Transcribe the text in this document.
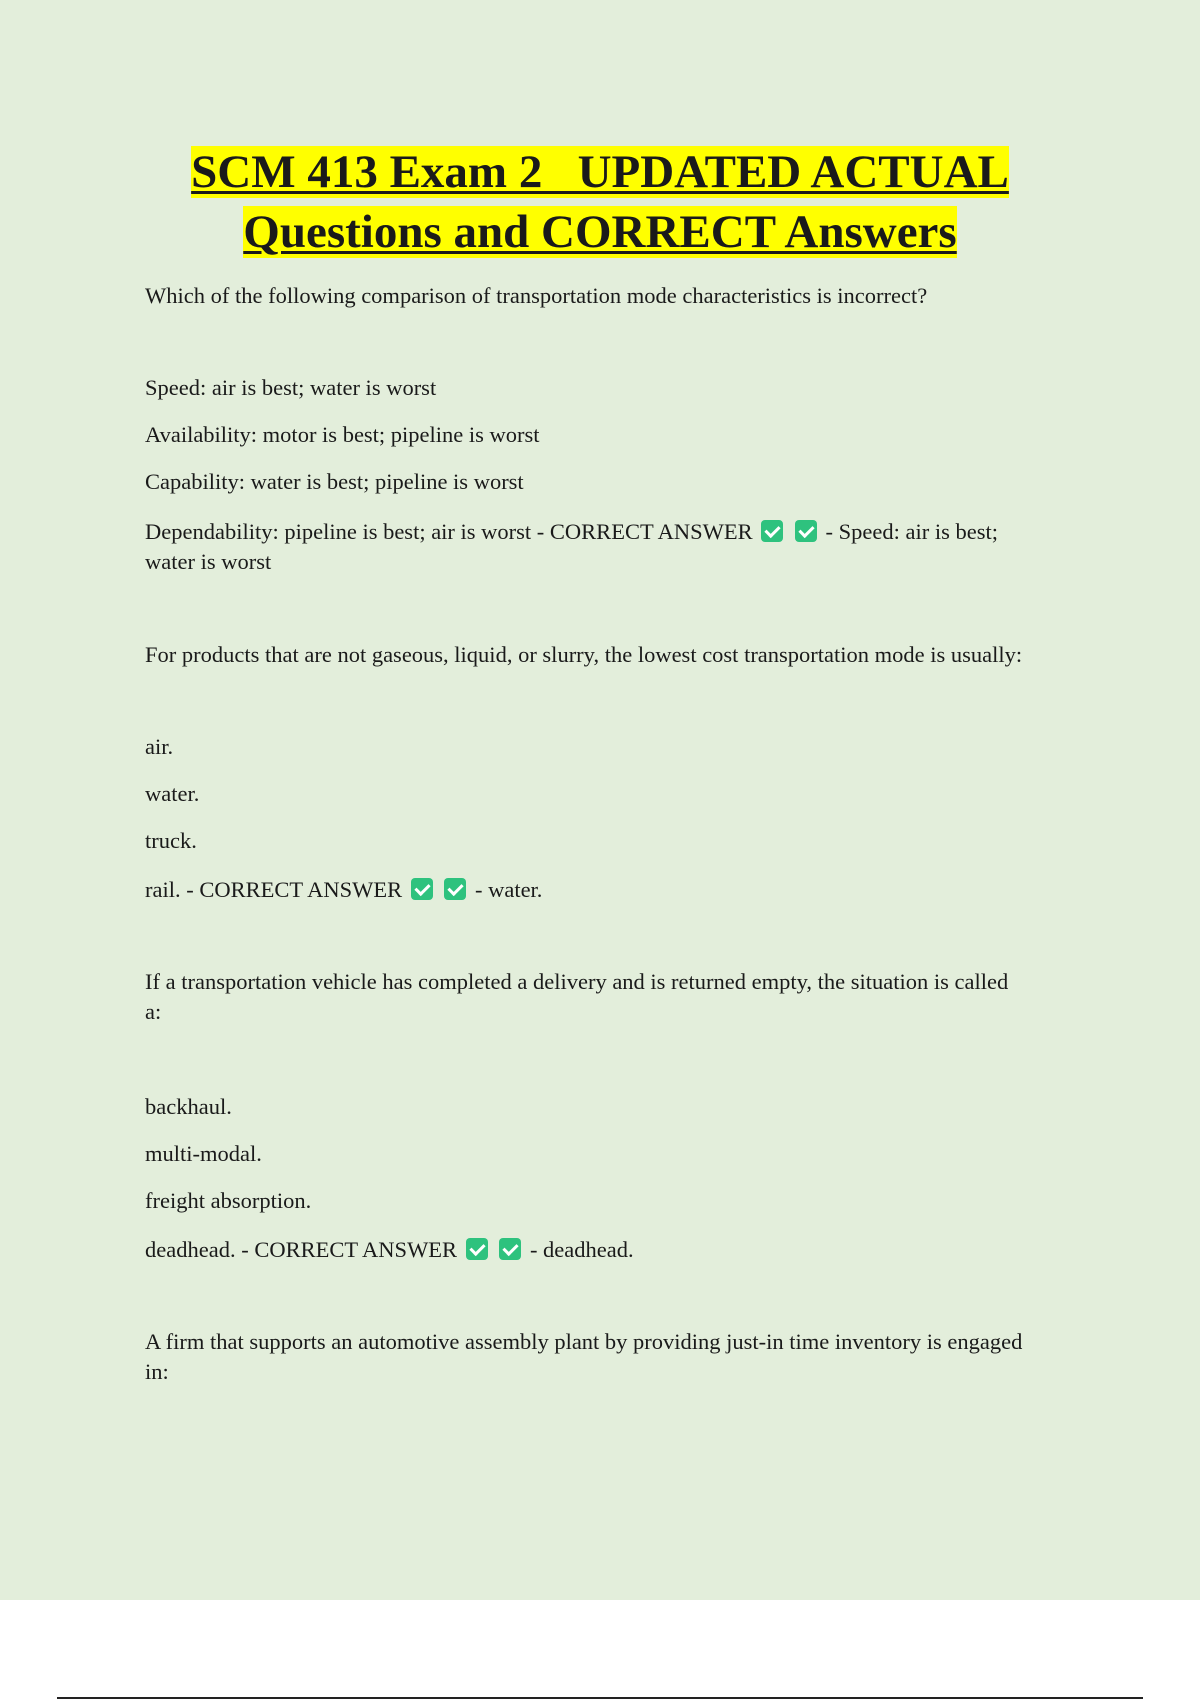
SCM 413 Exam 2   UPDATED ACTUAL
Questions and CORRECT Answers
Which of the following comparison of transportation mode characteristics is incorrect?
Speed: air is best; water is worst
Availability: motor is best; pipeline is worst
Capability: water is best; pipeline is worst
Dependability: pipeline is best; air is worst - CORRECT ANSWER	- Speed: air is best;
water is worst
For products that are not gaseous, liquid, or slurry, the lowest cost transportation mode is usually:
air.
water.
truck.
rail. - CORRECT ANSWER	- water.
If a transportation vehicle has completed a delivery and is returned empty, the situation is called
a:
backhaul.
multi-modal.
freight absorption.
deadhead. - CORRECT ANSWER	- deadhead.
A firm that supports an automotive assembly plant by providing just-in time inventory is engaged
in:
